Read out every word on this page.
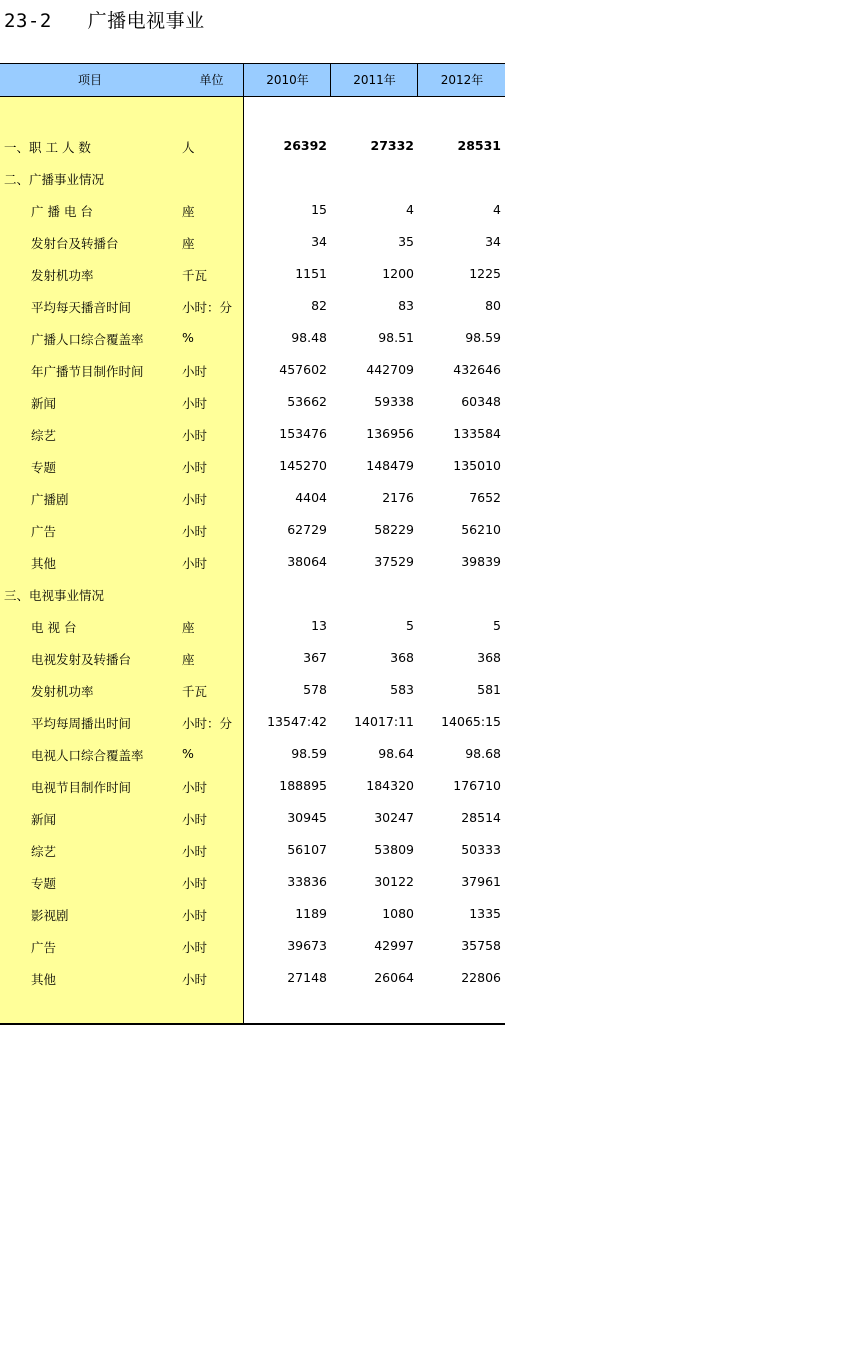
23-2   广播电视事业
项目	单位	2010年	2011年	2012年
一、职 工 人 数	人	26392	27332	28531
二、广播事业情况
广 播 电 台	座	15	4	4
发射台及转播台	座	34	35	34
发射机功率	千瓦	1151	1200	1225
平均每天播音时间	小时：分	82	83	80
广播人口综合覆盖率	%	98.48	98.51	98.59
年广播节目制作时间	小时	457602	442709	432646
新闻	小时	53662	59338	60348
综艺	小时	153476	136956	133584
专题	小时	145270	148479	135010
广播剧	小时	4404	2176	7652
广告	小时	62729	58229	56210
其他	小时	38064	37529	39839
三、电视事业情况
电 视 台	座	13	5	5
电视发射及转播台	座	367	368	368
发射机功率	千瓦	578	583	581
平均每周播出时间	小时：分	13547:42	14017:11	14065:15
电视人口综合覆盖率	%	98.59	98.64	98.68
电视节目制作时间	小时	188895	184320	176710
新闻	小时	30945	30247	28514
综艺	小时	56107	53809	50333
专题	小时	33836	30122	37961
影视剧	小时	1189	1080	1335
广告	小时	39673	42997	35758
其他	小时	27148	26064	22806
